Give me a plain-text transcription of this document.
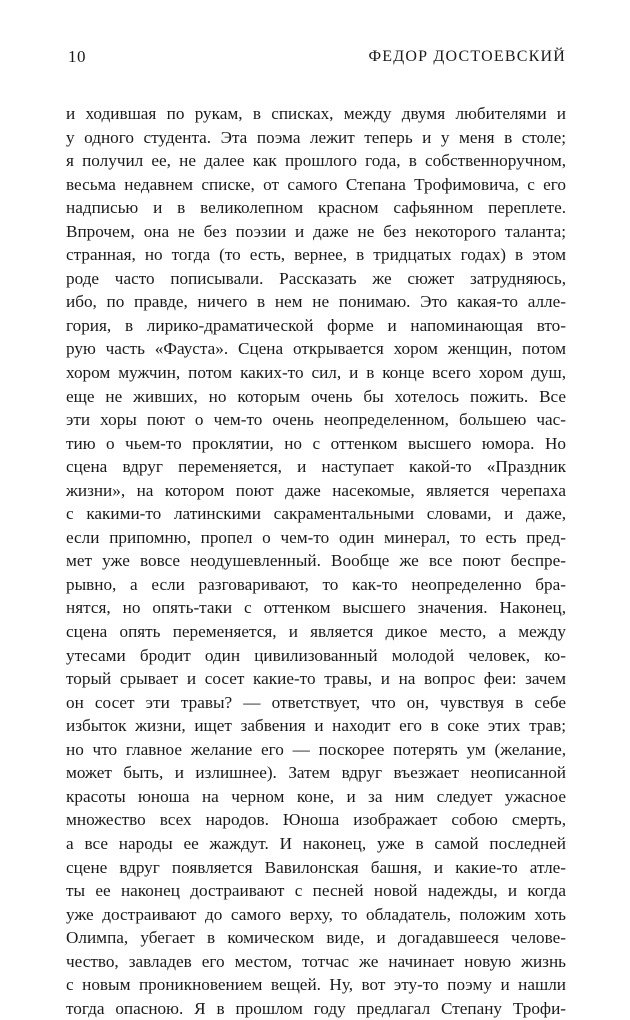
10	ФЕДОР ДОСТОЕВСКИЙ
и ходившая по рукам, в списках, между двумя любителями и
у одного студента. Эта поэма лежит теперь и у меня в столе;
я получил ее, не далее как прошлого года, в собственноручном,
весьма недавнем списке, от самого Степана Трофимовича, с его
надписью и в великолепном красном сафьянном переплете.
Впрочем, она не без поэзии и даже не без некоторого таланта;
странная, но тогда (то есть, вернее, в тридцатых годах) в этом
роде часто пописывали. Рассказать же сюжет затрудняюсь,
ибо, по правде, ничего в нем не понимаю. Это какая-то алле-
гория, в лирико-драматической форме и напоминающая вто-
рую часть «Фауста». Сцена открывается хором женщин, потом
хором мужчин, потом каких-то сил, и в конце всего хором душ,
еще не живших, но которым очень бы хотелось пожить. Все
эти хоры поют о чем-то очень неопределенном, большею час-
тию о чьем-то проклятии, но с оттенком высшего юмора. Но
сцена вдруг переменяется, и наступает какой-то «Праздник
жизни», на котором поют даже насекомые, является черепаха
с какими-то латинскими сакраментальными словами, и даже,
если припомню, пропел о чем-то один минерал, то есть пред-
мет уже вовсе неодушевленный. Вообще же все поют беспре-
рывно, а если разговаривают, то как-то неопределенно бра-
нятся, но опять-таки с оттенком высшего значения. Наконец,
сцена опять переменяется, и является дикое место, а между
утесами бродит один цивилизованный молодой человек, ко-
торый срывает и сосет какие-то травы, и на вопрос феи: зачем
он сосет эти травы? — ответствует, что он, чувствуя в себе
избыток жизни, ищет забвения и находит его в соке этих трав;
но что главное желание его — поскорее потерять ум (желание,
может быть, и излишнее). Затем вдруг въезжает неописанной
красоты юноша на черном коне, и за ним следует ужасное
множество всех народов. Юноша изображает собою смерть,
а все народы ее жаждут. И наконец, уже в самой последней
сцене вдруг появляется Вавилонская башня, и какие-то атле-
ты ее наконец достраивают с песней новой надежды, и когда
уже достраивают до самого верху, то обладатель, положим хоть
Олимпа, убегает в комическом виде, и догадавшееся челове-
чество, завладев его местом, тотчас же начинает новую жизнь
с новым проникновением вещей. Ну, вот эту-то поэму и нашли
тогда опасною. Я в прошлом году предлагал Степану Трофи-
